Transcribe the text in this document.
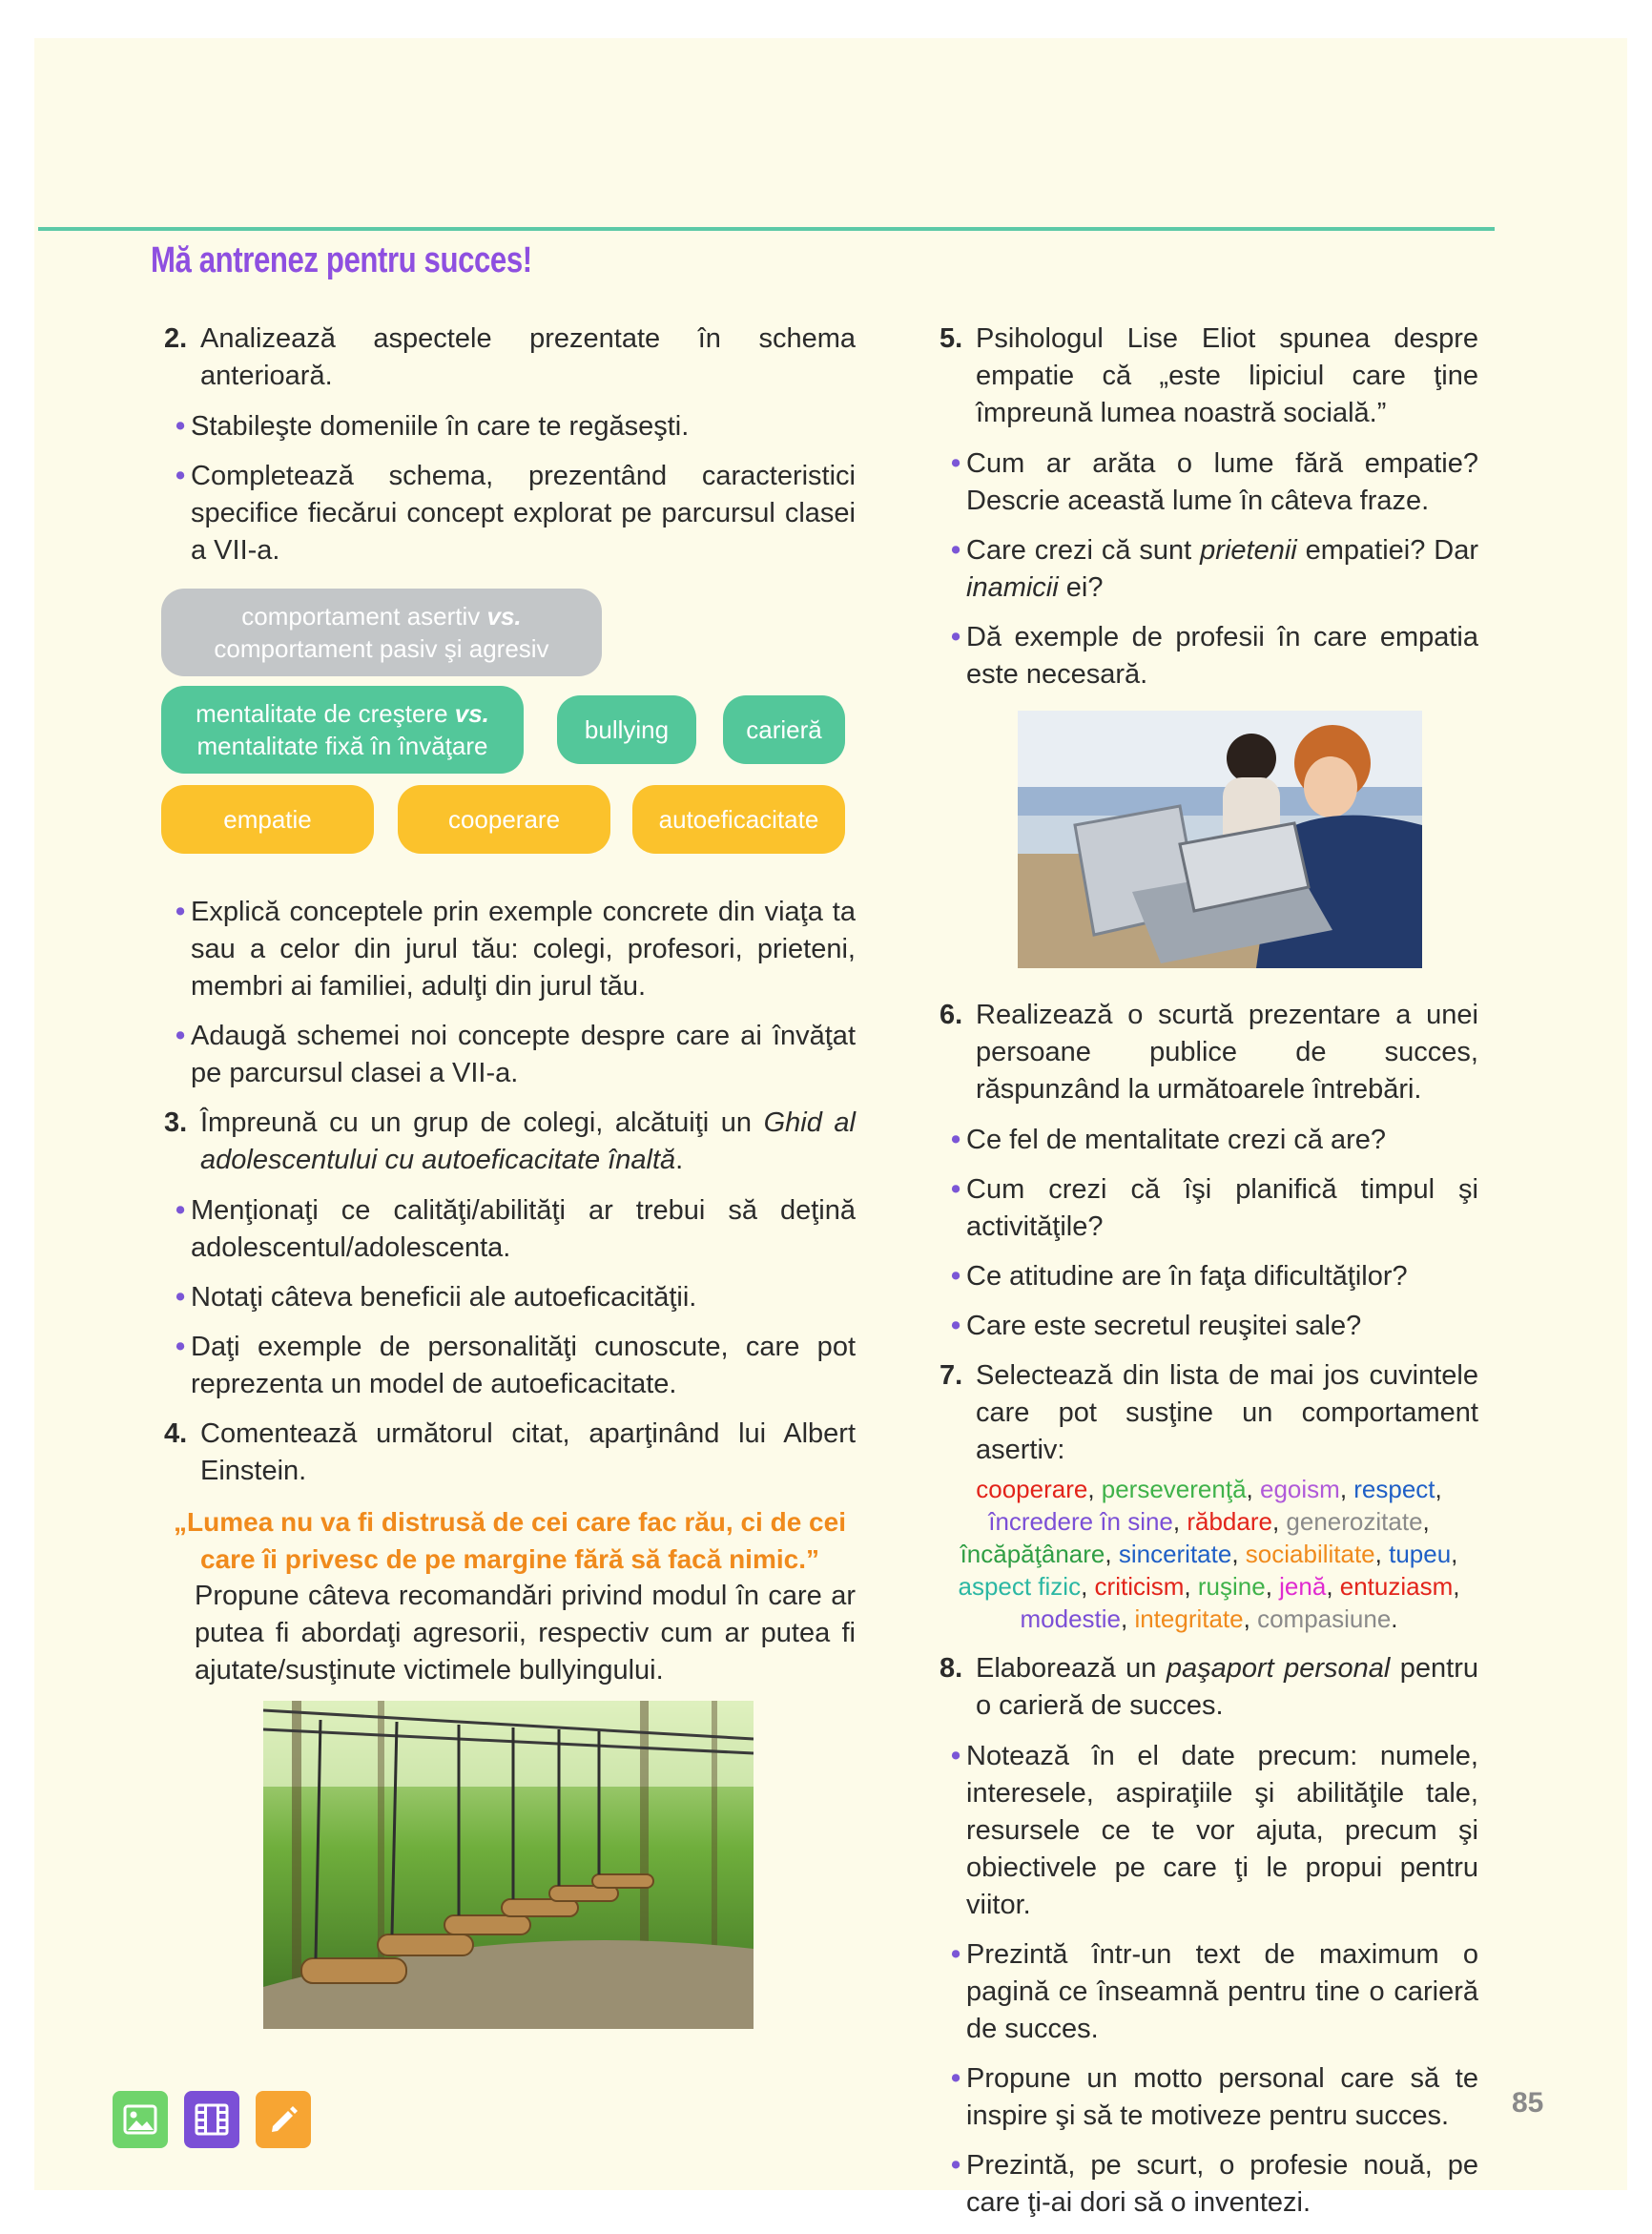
Mă antrenez pentru succes!
2. Analizează aspectele prezentate în schema anterioară.
• Stabileşte domeniile în care te regăseşti.
• Completează schema, prezentând caracteristici specifice fiecărui concept explorat pe parcursul clasei a VII-a.
comportament asertiv vs.
comportament pasiv şi agresiv
mentalitate de creştere vs.
mentalitate fixă în învăţare
bullying	carieră
empatie	cooperare	autoeficacitate
• Explică conceptele prin exemple concrete din viaţa ta sau a celor din jurul tău: colegi, profesori, prieteni, membri ai familiei, adulţi din jurul tău.
• Adaugă schemei noi concepte despre care ai învăţat pe parcursul clasei a VII-a.
3. Împreună cu un grup de colegi, alcătuiţi un Ghid al adolescentului cu autoeficacitate înaltă.
• Menţionaţi ce calităţi/abilităţi ar trebui să deţină adolescentul/adolescenta.
• Notaţi câteva beneficii ale autoeficacităţii.
• Daţi exemple de personalităţi cunoscute, care pot reprezenta un model de autoeficacitate.
4. Comentează următorul citat, aparţinând lui Albert Einstein.

„Lumea nu va fi distrusă de cei care fac rău, ci de cei care îi privesc de pe margine fără să facă nimic.”

Propune câteva recomandări privind modul în care ar putea fi abordaţi agresorii, respectiv cum ar putea fi ajutate/susţinute victimele bullyingului.

5. Psihologul Lise Eliot spunea despre empatie că „este lipiciul care ţine împreună lumea noastră socială.”
• Cum ar arăta o lume fără empatie? Descrie această lume în câteva fraze.
• Care crezi că sunt prietenii empatiei? Dar inamicii ei?
• Dă exemple de profesii în care empatia este necesară.
6. Realizează o scurtă prezentare a unei persoane publice de succes, răspunzând la următoarele întrebări.
• Ce fel de mentalitate crezi că are?
• Cum crezi că îşi planifică timpul şi activităţile?
• Ce atitudine are în faţa dificultăţilor?
• Care este secretul reuşitei sale?
7. Selectează din lista de mai jos cuvintele care pot susţine un comportament asertiv:
cooperare, perseverenţă, egoism, respect, încredere în sine, răbdare, generozitate, încăpăţânare, sinceritate, sociabilitate, tupeu, aspect fizic, criticism, ruşine, jenă, entuziasm, modestie, integritate, compasiune.
8. Elaborează un paşaport personal pentru o carieră de succes.
• Notează în el date precum: numele, interesele, aspiraţiile şi abilităţile tale, resursele ce te vor ajuta, precum şi obiectivele pe care ţi le propui pentru viitor.
• Prezintă într-un text de maximum o pagină ce înseamnă pentru tine o carieră de succes.
• Propune un motto personal care să te inspire şi să te motiveze pentru succes.
• Prezintă, pe scurt, o profesie nouă, pe care ţi-ai dori să o inventezi.
85
